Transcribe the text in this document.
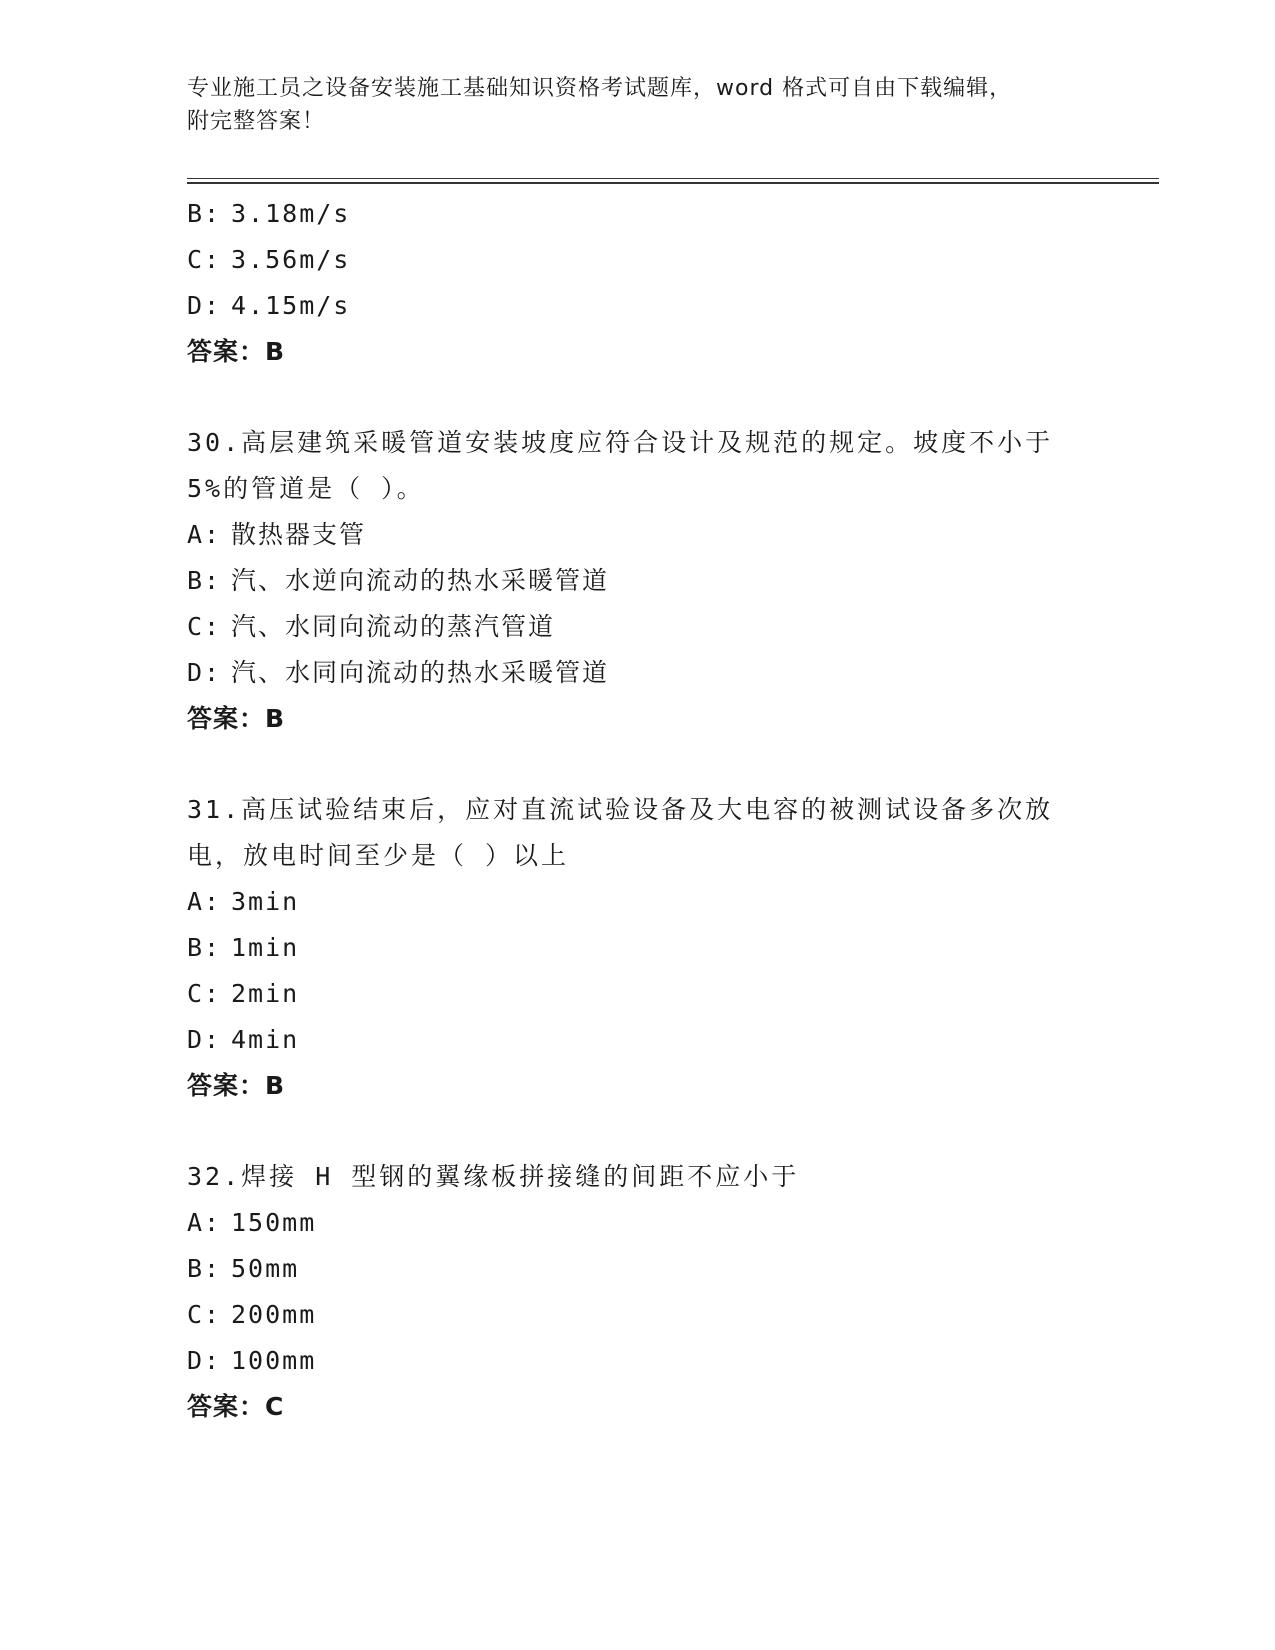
专业施工员之设备安装施工基础知识资格考试题库，word 格式可自由下载编辑，
附完整答案！
B: 3.18m/s
C: 3.56m/s
D: 4.15m/s
答案：B
30.高层建筑采暖管道安装坡度应符合设计及规范的规定。坡度不小于
5%的管道是（ ）。
A: 散热器支管
B: 汽、水逆向流动的热水采暖管道
C: 汽、水同向流动的蒸汽管道
D: 汽、水同向流动的热水采暖管道
答案：B
31.高压试验结束后，应对直流试验设备及大电容的被测试设备多次放
电，放电时间至少是（ ）以上
A: 3min
B: 1min
C: 2min
D: 4min
答案：B
32.焊接 H 型钢的翼缘板拼接缝的间距不应小于
A: 150mm
B: 50mm
C: 200mm
D: 100mm
答案：C
